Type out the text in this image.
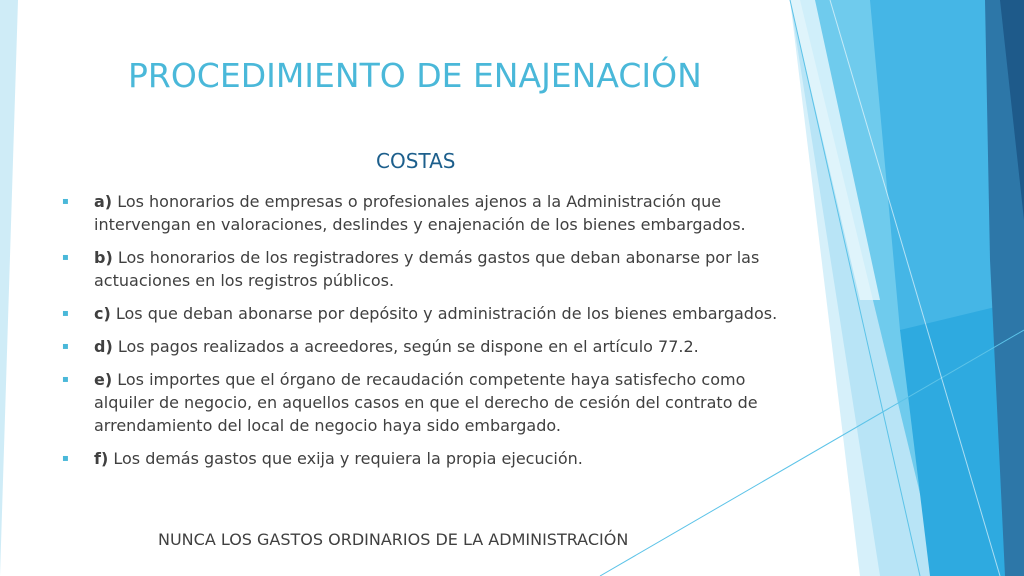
PROCEDIMIENTO DE ENAJENACIÓN
COSTAS
▪ a) Los honorarios de empresas o profesionales ajenos a la Administración que intervengan en valoraciones, deslindes y enajenación de los bienes embargados.
▪ b) Los honorarios de los registradores y demás gastos que deban abonarse por las actuaciones en los registros públicos.
▪ c) Los que deban abonarse por depósito y administración de los bienes embargados.
▪ d) Los pagos realizados a acreedores, según se dispone en el artículo 77.2.
▪ e) Los importes que el órgano de recaudación competente haya satisfecho como alquiler de negocio, en aquellos casos en que el derecho de cesión del contrato de arrendamiento del local de negocio haya sido embargado.
▪ f) Los demás gastos que exija y requiera la propia ejecución.

NUNCA LOS GASTOS ORDINARIOS DE LA ADMINISTRACIÓN
